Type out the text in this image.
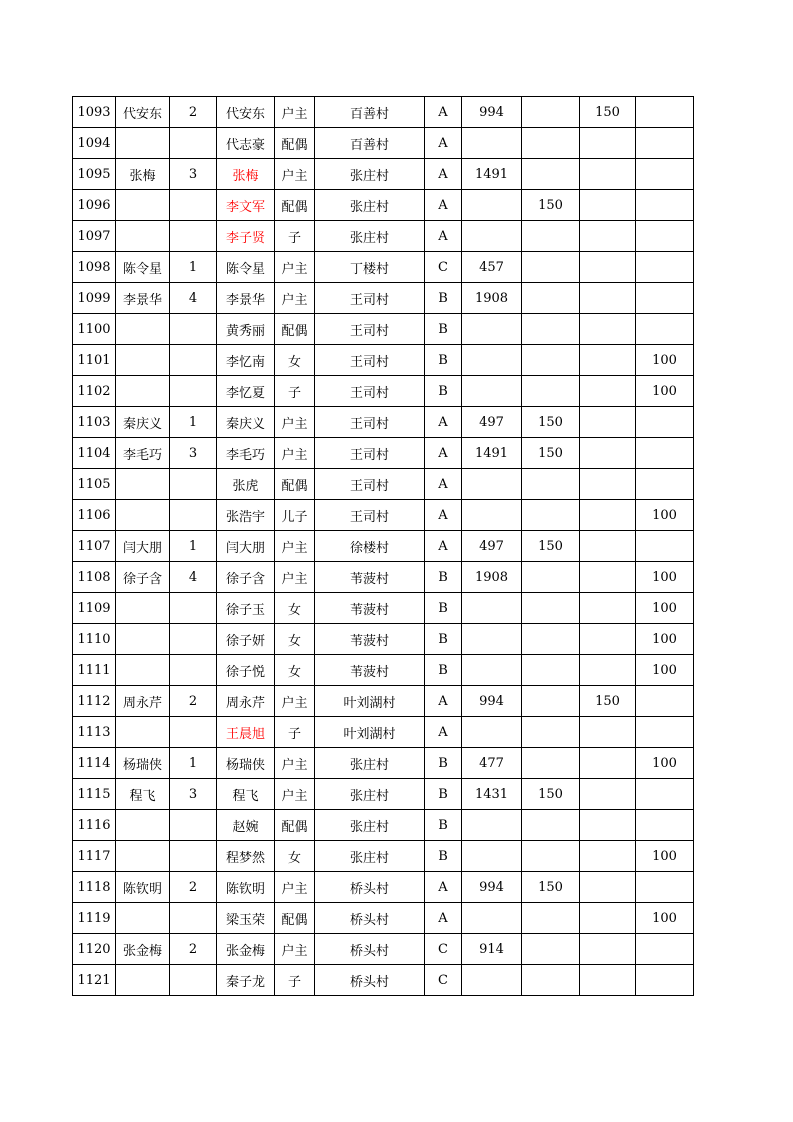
1093	代安东	2	代安东	户主	百善村	A	994		150	
1094			代志豪	配偶	百善村	A				
1095	张梅	3	张梅	户主	张庄村	A	1491			
1096			李文军	配偶	张庄村	A		150		
1097			李子贤	子	张庄村	A				
1098	陈令星	1	陈令星	户主	丁楼村	C	457			
1099	李景华	4	李景华	户主	王司村	B	1908			
1100			黄秀丽	配偶	王司村	B				
1101			李忆南	女	王司村	B				100
1102			李忆夏	子	王司村	B				100
1103	秦庆义	1	秦庆义	户主	王司村	A	497	150		
1104	李毛巧	3	李毛巧	户主	王司村	A	1491	150		
1105			张虎	配偶	王司村	A				
1106			张浩宇	儿子	王司村	A				100
1107	闫大朋	1	闫大朋	户主	徐楼村	A	497	150		
1108	徐子含	4	徐子含	户主	苇菠村	B	1908			100
1109			徐子玉	女	苇菠村	B				100
1110			徐子妍	女	苇菠村	B				100
1111			徐子悦	女	苇菠村	B				100
1112	周永芹	2	周永芹	户主	叶刘湖村	A	994		150	
1113			王晨旭	子	叶刘湖村	A				
1114	杨瑞侠	1	杨瑞侠	户主	张庄村	B	477			100
1115	程飞	3	程飞	户主	张庄村	B	1431	150		
1116			赵婉	配偶	张庄村	B				
1117			程梦然	女	张庄村	B				100
1118	陈钦明	2	陈钦明	户主	桥头村	A	994	150		
1119			梁玉荣	配偶	桥头村	A				100
1120	张金梅	2	张金梅	户主	桥头村	C	914			
1121			秦子龙	子	桥头村	C				
